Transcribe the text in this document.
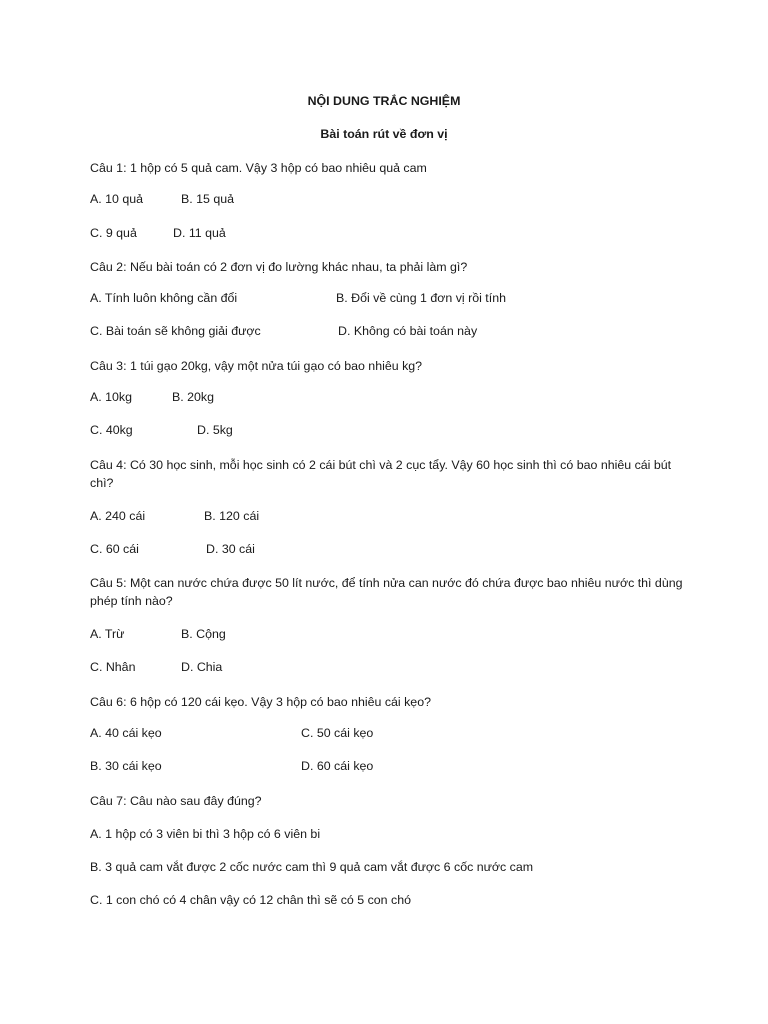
NỘI DUNG TRẮC NGHIỆM
Bài toán rút về đơn vị
Câu 1: 1 hộp có 5 quả cam. Vậy 3 hộp có bao nhiêu quả cam
A. 10 quả	B. 15 quả
C. 9 quả	D. 11 quả
Câu 2: Nếu bài toán có 2 đơn vị đo lường khác nhau, ta phải làm gì?
A. Tính luôn không cần đổi	B. Đổi về cùng 1 đơn vị rồi tính
C. Bài toán sẽ không giải được	D. Không có bài toán này
Câu 3: 1 túi gạo 20kg, vậy một nửa túi gạo có bao nhiêu kg?
A. 10kg	B. 20kg
C. 40kg	D. 5kg
Câu 4: Có 30 học sinh, mỗi học sinh có 2 cái bút chì và 2 cục tẩy. Vậy 60 học sinh thì có bao nhiêu cái bút chì?
A. 240 cái	B. 120 cái
C. 60 cái	D. 30 cái
Câu 5: Một can nước chứa được 50 lít nước, để tính nửa can nước đó chứa được bao nhiêu nước thì dùng phép tính nào?
A. Trừ	B. Cộng
C. Nhân	D. Chia
Câu 6: 6 hộp có 120 cái kẹo. Vậy 3 hộp có bao nhiêu cái kẹo?
A. 40 cái kẹo	C. 50 cái kẹo
B. 30 cái kẹo	D. 60 cái kẹo
Câu 7: Câu nào sau đây đúng?
A. 1 hộp có 3 viên bi thì 3 hộp có 6 viên bi
B. 3 quả cam vắt được 2 cốc nước cam thì 9 quả cam vắt được 6 cốc nước cam
C. 1 con chó có 4 chân vậy có 12 chân thì sẽ có 5 con chó
